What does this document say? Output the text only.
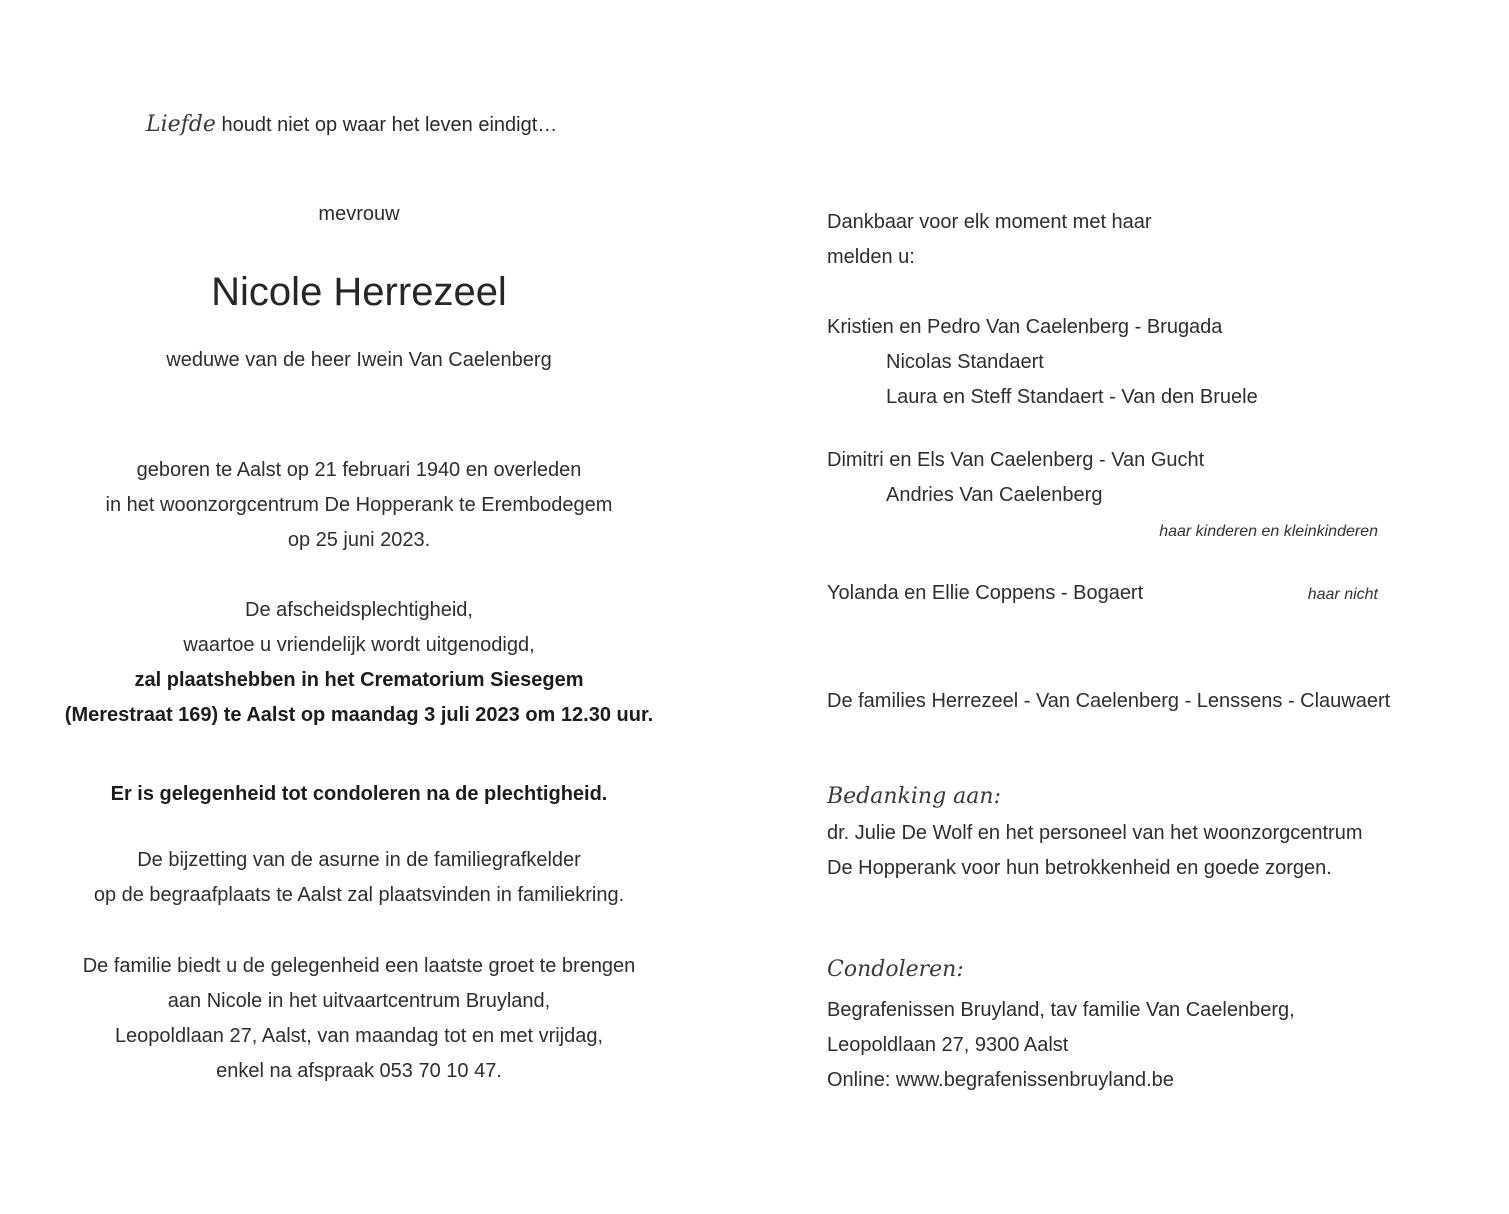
Liefde houdt niet op waar het leven eindigt…
mevrouw
Nicole Herrezeel
weduwe van de heer Iwein Van Caelenberg
geboren te Aalst op 21 februari 1940 en overleden
in het woonzorgcentrum De Hopperank te Erembodegem
op 25 juni 2023.
De afscheidsplechtigheid,
waartoe u vriendelijk wordt uitgenodigd,
zal plaatshebben in het Crematorium Siesegem
(Merestraat 169) te Aalst op maandag 3 juli 2023 om 12.30 uur.
Er is gelegenheid tot condoleren na de plechtigheid.
De bijzetting van de asurne in de familiegrafkelder
op de begraafplaats te Aalst zal plaatsvinden in familiekring.
De familie biedt u de gelegenheid een laatste groet te brengen
aan Nicole in het uitvaartcentrum Bruyland,
Leopoldlaan 27, Aalst, van maandag tot en met vrijdag,
enkel na afspraak 053 70 10 47.
Dankbaar voor elk moment met haar
melden u:
Kristien en Pedro Van Caelenberg - Brugada
Nicolas Standaert
Laura en Steff Standaert - Van den Bruele
Dimitri en Els Van Caelenberg - Van Gucht
Andries Van Caelenberg
haar kinderen en kleinkinderen
Yolanda en Ellie Coppens - Bogaert	haar nicht
De families Herrezeel - Van Caelenberg - Lenssens - Clauwaert
Bedanking aan:
dr. Julie De Wolf en het personeel van het woonzorgcentrum
De Hopperank voor hun betrokkenheid en goede zorgen.
Condoleren:
Begrafenissen Bruyland, tav familie Van Caelenberg,
Leopoldlaan 27, 9300 Aalst
Online: www.begrafenissenbruyland.be
